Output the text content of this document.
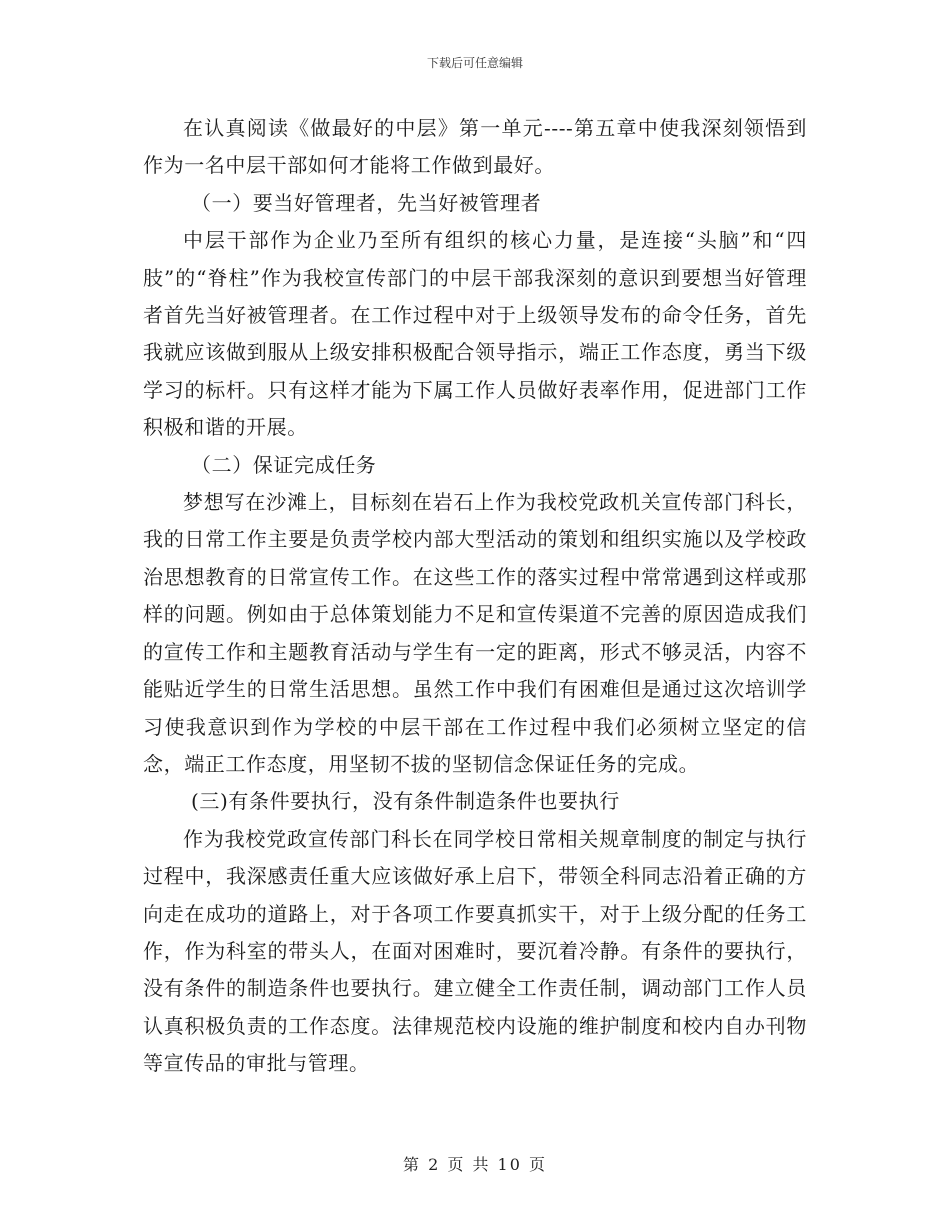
下载后可任意编辑

在认真阅读《做最好的中层》第一单元----第五章中使我深刻领悟到作为一名中层干部如何才能将工作做到最好。

（一）要当好管理者，先当好被管理者

中层干部作为企业乃至所有组织的核心力量，是连接“头脑”和“四肢”的“脊柱”作为我校宣传部门的中层干部我深刻的意识到要想当好管理者首先当好被管理者。在工作过程中对于上级领导发布的命令任务，首先我就应该做到服从上级安排积极配合领导指示，端正工作态度，勇当下级学习的标杆。只有这样才能为下属工作人员做好表率作用，促进部门工作积极和谐的开展。

（二）保证完成任务

梦想写在沙滩上，目标刻在岩石上作为我校党政机关宣传部门科长，我的日常工作主要是负责学校内部大型活动的策划和组织实施以及学校政治思想教育的日常宣传工作。在这些工作的落实过程中常常遇到这样或那样的问题。例如由于总体策划能力不足和宣传渠道不完善的原因造成我们的宣传工作和主题教育活动与学生有一定的距离，形式不够灵活，内容不能贴近学生的日常生活思想。虽然工作中我们有困难但是通过这次培训学习使我意识到作为学校的中层干部在工作过程中我们必须树立坚定的信念，端正工作态度，用坚韧不拔的坚韧信念保证任务的完成。

(三)有条件要执行，没有条件制造条件也要执行

作为我校党政宣传部门科长在同学校日常相关规章制度的制定与执行过程中，我深感责任重大应该做好承上启下，带领全科同志沿着正确的方向走在成功的道路上，对于各项工作要真抓实干，对于上级分配的任务工作，作为科室的带头人，在面对困难时，要沉着冷静。有条件的要执行，没有条件的制造条件也要执行。建立健全工作责任制，调动部门工作人员认真积极负责的工作态度。法律规范校内设施的维护制度和校内自办刊物等宣传品的审批与管理。

第 2 页 共 10 页
